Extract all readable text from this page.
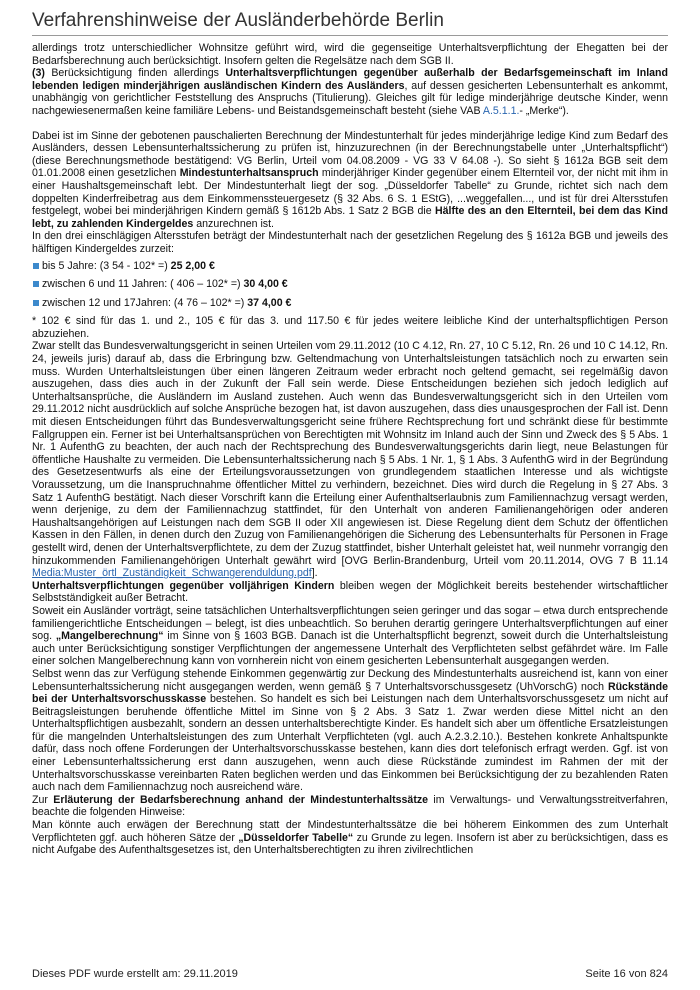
Verfahrenshinweise der Ausländerbehörde Berlin

allerdings trotz unterschiedlicher Wohnsitze geführt wird, wird die gegenseitige Unterhaltsverpflichtung der Ehegatten bei der Bedarfsberechnung auch berücksichtigt. Insofern gelten die Regelsätze nach dem SGB II.

(3) Berücksichtigung finden allerdings Unterhaltsverpflichtungen gegenüber außerhalb der Bedarfsgemeinschaft im Inland lebenden ledigen minderjährigen ausländischen Kindern des Ausländers, auf dessen gesicherten Lebensunterhalt es ankommt, unabhängig von gerichtlicher Feststellung des Anspruchs (Titulierung). Gleiches gilt für ledige minderjährige deutsche Kinder, wenn nachgewiesenermaßen keine familiäre Lebens- und Beistandsgemeinschaft besteht (siehe VAB A.5.1.1.- „Merke“).

Dabei ist im Sinne der gebotenen pauschalierten Berechnung der Mindestunterhalt für jedes minderjährige ledige Kind zum Bedarf des Ausländers, dessen Lebensunterhaltssicherung zu prüfen ist, hinzuzurechnen (in der Berechnungstabelle unter „Unterhaltspflicht“) (diese Berechnungsmethode bestätigend: VG Berlin, Urteil vom 04.08.2009 - VG 33 V 64.08 -). So sieht § 1612a BGB seit dem 01.01.2008 einen gesetzlichen Mindestunterhaltsanspruch minderjähriger Kinder gegenüber einem Elternteil vor, der nicht mit ihm in einer Haushaltsgemeinschaft lebt. Der Mindestunterhalt liegt der sog. „Düsseldorfer Tabelle“ zu Grunde, richtet sich nach dem doppelten Kinderfreibetrag aus dem Einkommenssteuergesetz (§ 32 Abs. 6 S. 1 EStG), ...weggefallen..., und ist für drei Altersstufen festgelegt, wobei bei minderjährigen Kindern gemäß § 1612b Abs. 1 Satz 2 BGB die Hälfte des an den Elternteil, bei dem das Kind lebt, zu zahlenden Kindergeldes anzurechnen ist.

In den drei einschlägigen Altersstufen beträgt der Mindestunterhalt nach der gesetzlichen Regelung des § 1612a BGB und jeweils des hälftigen Kindergeldes zurzeit:

bis 5 Jahre: (3 54 - 102* =) 25 2,00 €
zwischen 6 und 11 Jahren: ( 406 – 102* =) 30 4,00 €
zwischen 12 und 17Jahren: (4 76 – 102* =) 37 4,00 €

* 102 € sind für das 1. und 2., 105 € für das 3. und 117.50 € für jedes weitere leibliche Kind der unterhaltspflichtigen Person abzuziehen.

Zwar stellt das Bundesverwaltungsgericht in seinen Urteilen vom 29.11.2012 (10 C 4.12, Rn. 27, 10 C 5.12, Rn. 26 und 10 C 14.12, Rn. 24, jeweils juris) darauf ab, dass die Erbringung bzw. Geltendmachung von Unterhaltsleistungen tatsächlich noch zu erwarten sein muss. Wurden Unterhaltsleistungen über einen längeren Zeitraum weder erbracht noch geltend gemacht, sei regelmäßig davon auszugehen, dass dies auch in der Zukunft der Fall sein werde. Diese Entscheidungen beziehen sich jedoch lediglich auf Unterhaltsansprüche, die Ausländern im Ausland zustehen. Auch wenn das Bundesverwaltungsgericht sich in den Urteilen vom 29.11.2012 nicht ausdrücklich auf solche Ansprüche bezogen hat, ist davon auszugehen, dass dies unausgesprochen der Fall ist. Denn mit diesen Entscheidungen führt das Bundesverwaltungsgericht seine frühere Rechtsprechung fort und schränkt diese für bestimmte Fallgruppen ein. Ferner ist bei Unterhaltsansprüchen von Berechtigten mit Wohnsitz im Inland auch der Sinn und Zweck des § 5 Abs. 1 Nr. 1 AufenthG zu beachten, der auch nach der Rechtsprechung des Bundesverwaltungsgerichts darin liegt, neue Belastungen für öffentliche Haushalte zu vermeiden. Die Lebensunterhaltssicherung nach § 5 Abs. 1 Nr. 1, § 1 Abs. 3 AufenthG wird in der Begründung des Gesetzesentwurfs als eine der Erteilungsvoraussetzungen von grundlegendem staatlichen Interesse und als wichtigste Voraussetzung, um die Inanspruchnahme öffentlicher Mittel zu verhindern, bezeichnet. Dies wird durch die Regelung in § 27 Abs. 3 Satz 1 AufenthG bestätigt. Nach dieser Vorschrift kann die Erteilung einer Aufenthaltserlaubnis zum Familiennachzug versagt werden, wenn derjenige, zu dem der Familiennachzug stattfindet, für den Unterhalt von anderen Familienangehörigen oder anderen Haushaltsangehörigen auf Leistungen nach dem SGB II oder XII angewiesen ist. Diese Regelung dient dem Schutz der öffentlichen Kassen in den Fällen, in denen durch den Zuzug von Familienangehörigen die Sicherung des Lebensunterhalts für Personen in Frage gestellt wird, denen der Unterhaltsverpflichtete, zu dem der Zuzug stattfindet, bisher Unterhalt geleistet hat, weil nunmehr vorrangig den hinzukommenden Familienangehörigen Unterhalt gewährt wird [OVG Berlin-Brandenburg, Urteil vom 20.11.2014, OVG 7 B 11.14 Media:Muster_örtl_Zuständigkeit_Schwangerenduldung.pdf].

Unterhaltsverpflichtungen gegenüber volljährigen Kindern bleiben wegen der Möglichkeit bereits bestehender wirtschaftlicher Selbstständigkeit außer Betracht.

Soweit ein Ausländer vorträgt, seine tatsächlichen Unterhaltsverpflichtungen seien geringer und das sogar – etwa durch entsprechende familiengerichtliche Entscheidungen – belegt, ist dies unbeachtlich. So beruhen derartig geringere Unterhaltsverpflichtungen auf einer sog. „Mangelberechnung“ im Sinne von § 1603 BGB. Danach ist die Unterhaltspflicht begrenzt, soweit durch die Unterhaltsleistung auch unter Berücksichtigung sonstiger Verpflichtungen der angemessene Unterhalt des Verpflichteten selbst gefährdet wäre. Im Falle einer solchen Mangelberechnung kann von vornherein nicht von einem gesicherten Lebensunterhalt ausgegangen werden.

Selbst wenn das zur Verfügung stehende Einkommen gegenwärtig zur Deckung des Mindestunterhalts ausreichend ist, kann von einer Lebensunterhaltssicherung nicht ausgegangen werden, wenn gemäß § 7 Unterhaltsvorschussgesetz (UhVorschG) noch Rückstände bei der Unterhaltsvorschusskasse bestehen. So handelt es sich bei Leistungen nach dem Unterhaltsvorschussgesetz um nicht auf Beitragsleistungen beruhende öffentliche Mittel im Sinne von § 2 Abs. 3 Satz 1. Zwar werden diese Mittel nicht an den Unterhaltspflichtigen ausbezahlt, sondern an dessen unterhaltsberechtigte Kinder. Es handelt sich aber um öffentliche Ersatzleistungen für die mangelnden Unterhaltsleistungen des zum Unterhalt Verpflichteten (vgl. auch A.2.3.2.10.). Bestehen konkrete Anhaltspunkte dafür, dass noch offene Forderungen der Unterhaltsvorschusskasse bestehen, kann dies dort telefonisch erfragt werden. Ggf. ist von einer Lebensunterhaltssicherung erst dann auszugehen, wenn auch diese Rückstände zumindest im Rahmen der mit der Unterhaltsvorschusskasse vereinbarten Raten beglichen werden und das Einkommen bei Berücksichtigung der zu bezahlenden Raten auch nach dem Familiennachzug noch ausreichend wäre.

Zur Erläuterung der Bedarfsberechnung anhand der Mindestunterhaltssätze im Verwaltungs- und Verwaltungsstreitverfahren, beachte die folgenden Hinweise:

Man könnte auch erwägen der Berechnung statt der Mindestunterhaltssätze die bei höherem Einkommen des zum Unterhalt Verpflichteten ggf. auch höheren Sätze der „Düsseldorfer Tabelle“ zu Grunde zu legen. Insofern ist aber zu berücksichtigen, dass es nicht Aufgabe des Aufenthaltsgesetzes ist, den Unterhaltsberechtigten zu ihren zivilrechtlichen

Dieses PDF wurde erstellt am: 29.11.2019	Seite 16 von 824
